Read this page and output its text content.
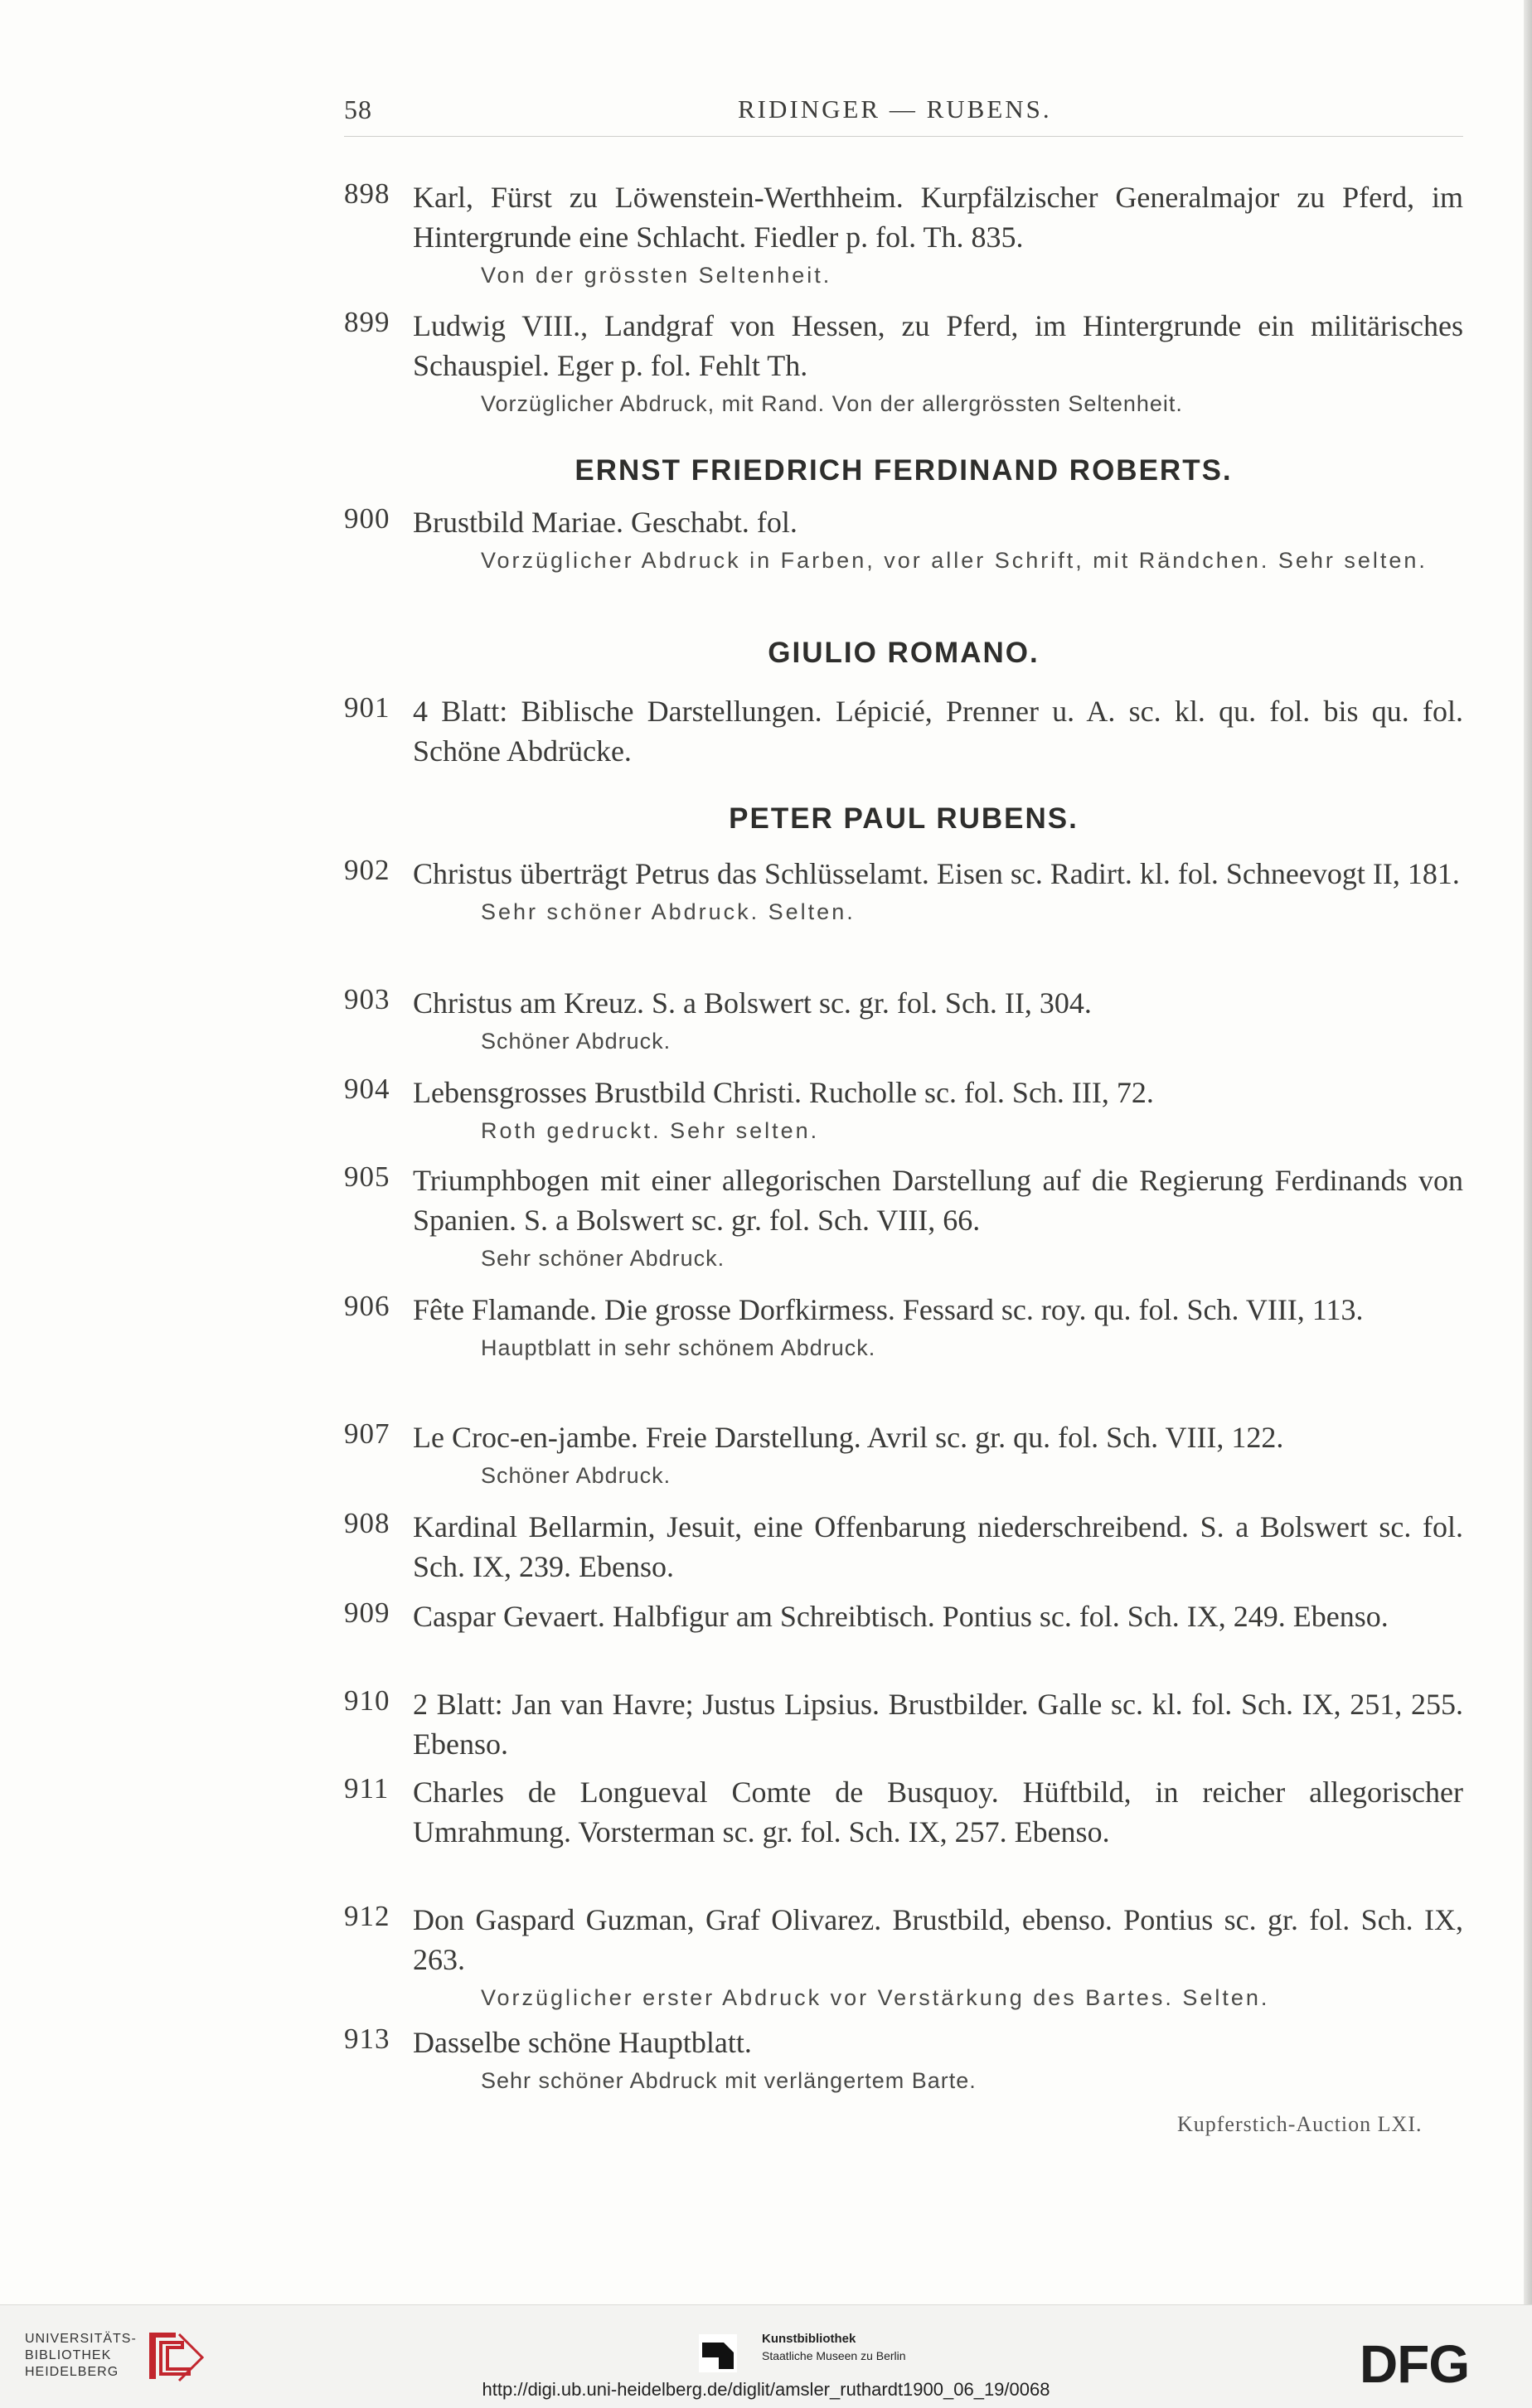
58	RIDINGER — RUBENS.
898 Karl, Fürst zu Löwenstein-Werthheim. Kurpfälzischer Generalmajor zu Pferd, im Hintergrunde eine Schlacht. Fiedler p. fol. Th. 835.
Von der grössten Seltenheit.
899 Ludwig VIII., Landgraf von Hessen, zu Pferd, im Hintergrunde ein militärisches Schauspiel. Eger p. fol. Fehlt Th.
Vorzüglicher Abdruck, mit Rand. Von der allergrössten Seltenheit.
ERNST FRIEDRICH FERDINAND ROBERTS.
900 Brustbild Mariae. Geschabt. fol.
Vorzüglicher Abdruck in Farben, vor aller Schrift, mit Rändchen. Sehr selten.
GIULIO ROMANO.
901 4 Blatt: Biblische Darstellungen. Lépicié, Prenner u. A. sc. kl. qu. fol. bis qu. fol. Schöne Abdrücke.
PETER PAUL RUBENS.
902 Christus überträgt Petrus das Schlüsselamt. Eisen sc. Radirt. kl. fol. Schneevogt II, 181.
Sehr schöner Abdruck. Selten.
903 Christus am Kreuz. S. a Bolswert sc. gr. fol. Sch. II, 304.
Schöner Abdruck.
904 Lebensgrosses Brustbild Christi. Rucholle sc. fol. Sch. III, 72.
Roth gedruckt. Sehr selten.
905 Triumphbogen mit einer allegorischen Darstellung auf die Regierung Ferdinands von Spanien. S. a Bolswert sc. gr. fol. Sch. VIII, 66.
Sehr schöner Abdruck.
906 Fête Flamande. Die grosse Dorfkirmess. Fessard sc. roy. qu. fol. Sch. VIII, 113.
Hauptblatt in sehr schönem Abdruck.
907 Le Croc-en-jambe. Freie Darstellung. Avril sc. gr. qu. fol. Sch. VIII, 122.
Schöner Abdruck.
908 Kardinal Bellarmin, Jesuit, eine Offenbarung niederschreibend. S. a Bolswert sc. fol. Sch. IX, 239. Ebenso.
909 Caspar Gevaert. Halbfigur am Schreibtisch. Pontius sc. fol. Sch. IX, 249. Ebenso.
910 2 Blatt: Jan van Havre; Justus Lipsius. Brustbilder. Galle sc. kl. fol. Sch. IX, 251, 255. Ebenso.
911 Charles de Longueval Comte de Busquoy. Hüftbild, in reicher allegorischer Umrahmung. Vorsterman sc. gr. fol. Sch. IX, 257. Ebenso.
912 Don Gaspard Guzman, Graf Olivarez. Brustbild, ebenso. Pontius sc. gr. fol. Sch. IX, 263.
Vorzüglicher erster Abdruck vor Verstärkung des Bartes. Selten.
913 Dasselbe schöne Hauptblatt.
Sehr schöner Abdruck mit verlängertem Barte.
Kupferstich-Auction LXI.
UNIVERSITÄTS-
BIBLIOTHEK
HEIDELBERG
Kunstbibliothek
Staatliche Museen zu Berlin	DFG
http://digi.ub.uni-heidelberg.de/diglit/amsler_ruthardt1900_06_19/0068
